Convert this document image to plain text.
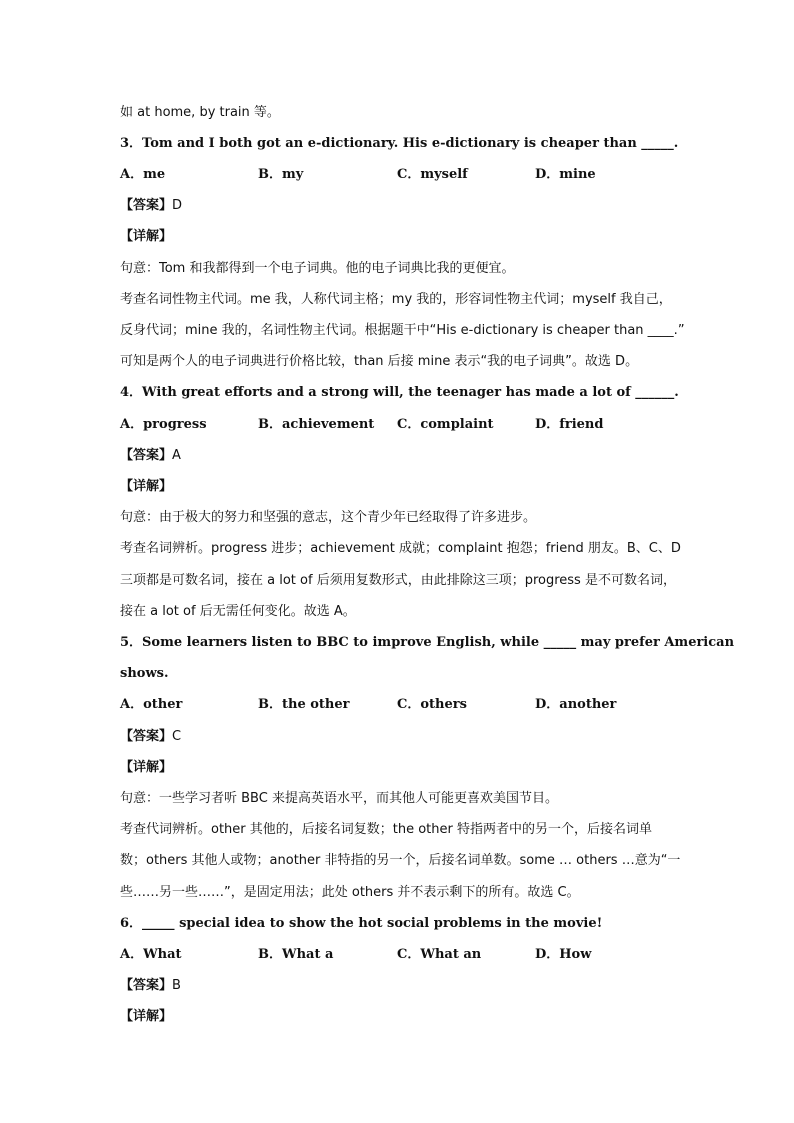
如 at home, by train 等。
3．Tom and I both got an e-dictionary. His e-dictionary is cheaper than _____.
A．me	B．my	C．myself	D．mine
【答案】D
【详解】
句意：Tom 和我都得到一个电子词典。他的电子词典比我的更便宜。
考查名词性物主代词。me 我，人称代词主格；my 我的，形容词性物主代词；myself 我自己，
反身代词；mine 我的，名词性物主代词。根据题干中“His e-dictionary is cheaper than ____.”
可知是两个人的电子词典进行价格比较，than 后接 mine 表示“我的电子词典”。故选 D。
4．With great efforts and a strong will, the teenager has made a lot of ______.
A．progress	B．achievement C．complaint	D．friend
【答案】A
【详解】
句意：由于极大的努力和坚强的意志，这个青少年已经取得了许多进步。
考查名词辨析。progress 进步；achievement 成就；complaint 抱怨；friend 朋友。B、C、D
三项都是可数名词，接在 a lot of 后须用复数形式，由此排除这三项；progress 是不可数名词，
接在 a lot of 后无需任何变化。故选 A。
5．Some learners listen to BBC to improve English, while _____ may prefer American
shows.
A．other	B．the other	C．others	D．another
【答案】C
【详解】
句意：一些学习者听 BBC 来提高英语水平，而其他人可能更喜欢美国节目。
考查代词辨析。other 其他的，后接名词复数；the other 特指两者中的另一个，后接名词单
数；others 其他人或物；another 非特指的另一个，后接名词单数。some … others …意为“一
些……另一些……”，是固定用法；此处 others 并不表示剩下的所有。故选 C。
6．_____ special idea to show the hot social problems in the movie!
A．What	B．What a	C．What an	D．How
【答案】B
【详解】
